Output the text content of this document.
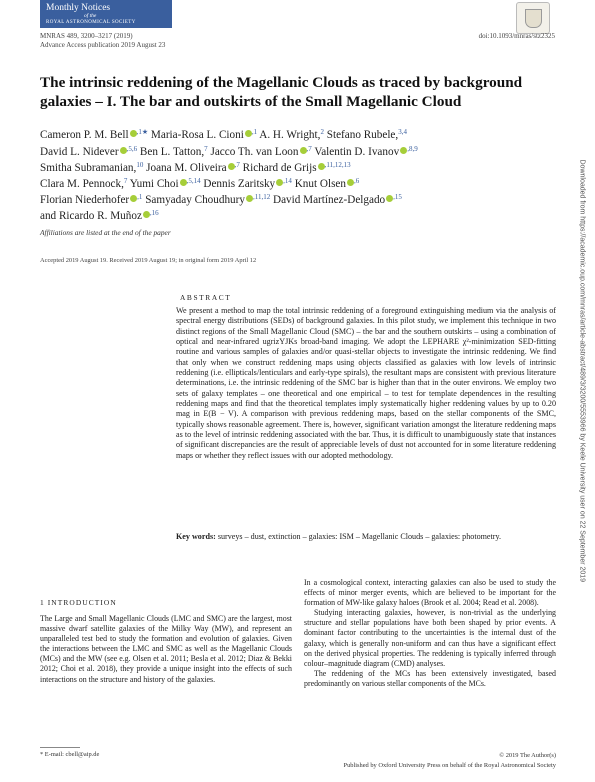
Monthly Notices
of the
ROYAL ASTRONOMICAL SOCIETY
MNRAS 489, 3200–3217 (2019)	doi:10.1093/mnras/stz2325
Advance Access publication 2019 August 23
The intrinsic reddening of the Magellanic Clouds as traced by background galaxies – I. The bar and outskirts of the Small Magellanic Cloud
Cameron P. M. Bell $^{,1★}$ Maria-Rosa L. Cioni $^{,1}$ A. H. Wright,$^2$ Stefano Rubele,$^{3,4}$
David L. Nidever $^{,5,6}$ Ben L. Tatton,$^7$ Jacco Th. van Loon $^{,7}$ Valentin D. Ivanov $^{,8,9}$
Smitha Subramanian,$^{10}$ Joana M. Oliveira $^{,7}$ Richard de Grijs $^{,11,12,13}$
Clara M. Pennock,$^7$ Yumi Choi $^{,5,14}$ Dennis Zaritsky $^{,14}$ Knut Olsen $^{,6}$
Florian Niederhofer $^{,1}$ Samyaday Choudhury $^{,11,12}$ David Martínez-Delgado $^{,15}$
and Ricardo R. Muñoz $^{,16}$
Affiliations are listed at the end of the paper
Accepted 2019 August 19. Received 2019 August 19; in original form 2019 April 12
ABSTRACT
We present a method to map the total intrinsic reddening of a foreground extinguishing medium via the analysis of spectral energy distributions (SEDs) of background galaxies. In this pilot study, we implement this technique in two distinct regions of the Small Magellanic Cloud (SMC) – the bar and the southern outskirts – using a combination of optical and near-infrared ugrizYJKs broad-band imaging. We adopt the LEPHARE χ²-minimization SED-fitting routine and various samples of galaxies and/or quasi-stellar objects to investigate the intrinsic reddening. We find that only when we construct reddening maps using objects classified as galaxies with low levels of intrinsic reddening (i.e. ellipticals/lenticulars and early-type spirals), the resultant maps are consistent with previous literature determinations, i.e. the intrinsic reddening of the SMC bar is higher than that in the outer environs. We employ two sets of galaxy templates – one theoretical and one empirical – to test for template dependences in the resulting reddening maps and find that the theoretical templates imply systematically higher reddening values by up to 0.20 mag in E(B − V). A comparison with previous reddening maps, based on the stellar components of the SMC, typically shows reasonable agreement. There is, however, significant variation amongst the literature reddening maps as to the level of intrinsic reddening associated with the bar. Thus, it is difficult to unambiguously state that instances of significant discrepancies are the result of appreciable levels of dust not accounted for in some literature reddening maps or whether they reflect issues with our adopted methodology.
Key words: surveys – dust, extinction – galaxies: ISM – Magellanic Clouds – galaxies: photometry.
1 INTRODUCTION
The Large and Small Magellanic Clouds (LMC and SMC) are the largest, most massive dwarf satellite galaxies of the Milky Way (MW), and represent an unparalleled test bed to study the formation and evolution of galaxies. Given the interactions between the LMC and SMC as well as the Magellanic Clouds (MCs) and the MW (see e.g. Olsen et al. 2011; Besla et al. 2012; Diaz & Bekki 2012; Choi et al. 2018), they provide a unique insight into the effects of such interactions on the structure and history of the galaxies.
In a cosmological context, interacting galaxies can also be used to study the effects of minor merger events, which are believed to be important for the formation of MW-like galaxy haloes (Brook et al. 2004; Read et al. 2008).
Studying interacting galaxies, however, is non-trivial as the underlying structure and stellar populations have both been shaped by prior events. A dominant factor contributing to the uncertainties is the internal dust of the galaxy, which is generally non-uniform and can thus have a significant effect on the derived physical properties. The reddening is typically inferred through colour–magnitude diagram (CMD) analyses.
The reddening of the MCs has been extensively investigated, based predominantly on various stellar components of the MCs.
* E-mail: cbell@aip.de	© 2019 The Author(s)
Published by Oxford University Press on behalf of the Royal Astronomical Society
Downloaded from https://academic.oup.com/mnras/article-abstract/489/3/3200/5553966 by Keele University user on 22 September 2019
